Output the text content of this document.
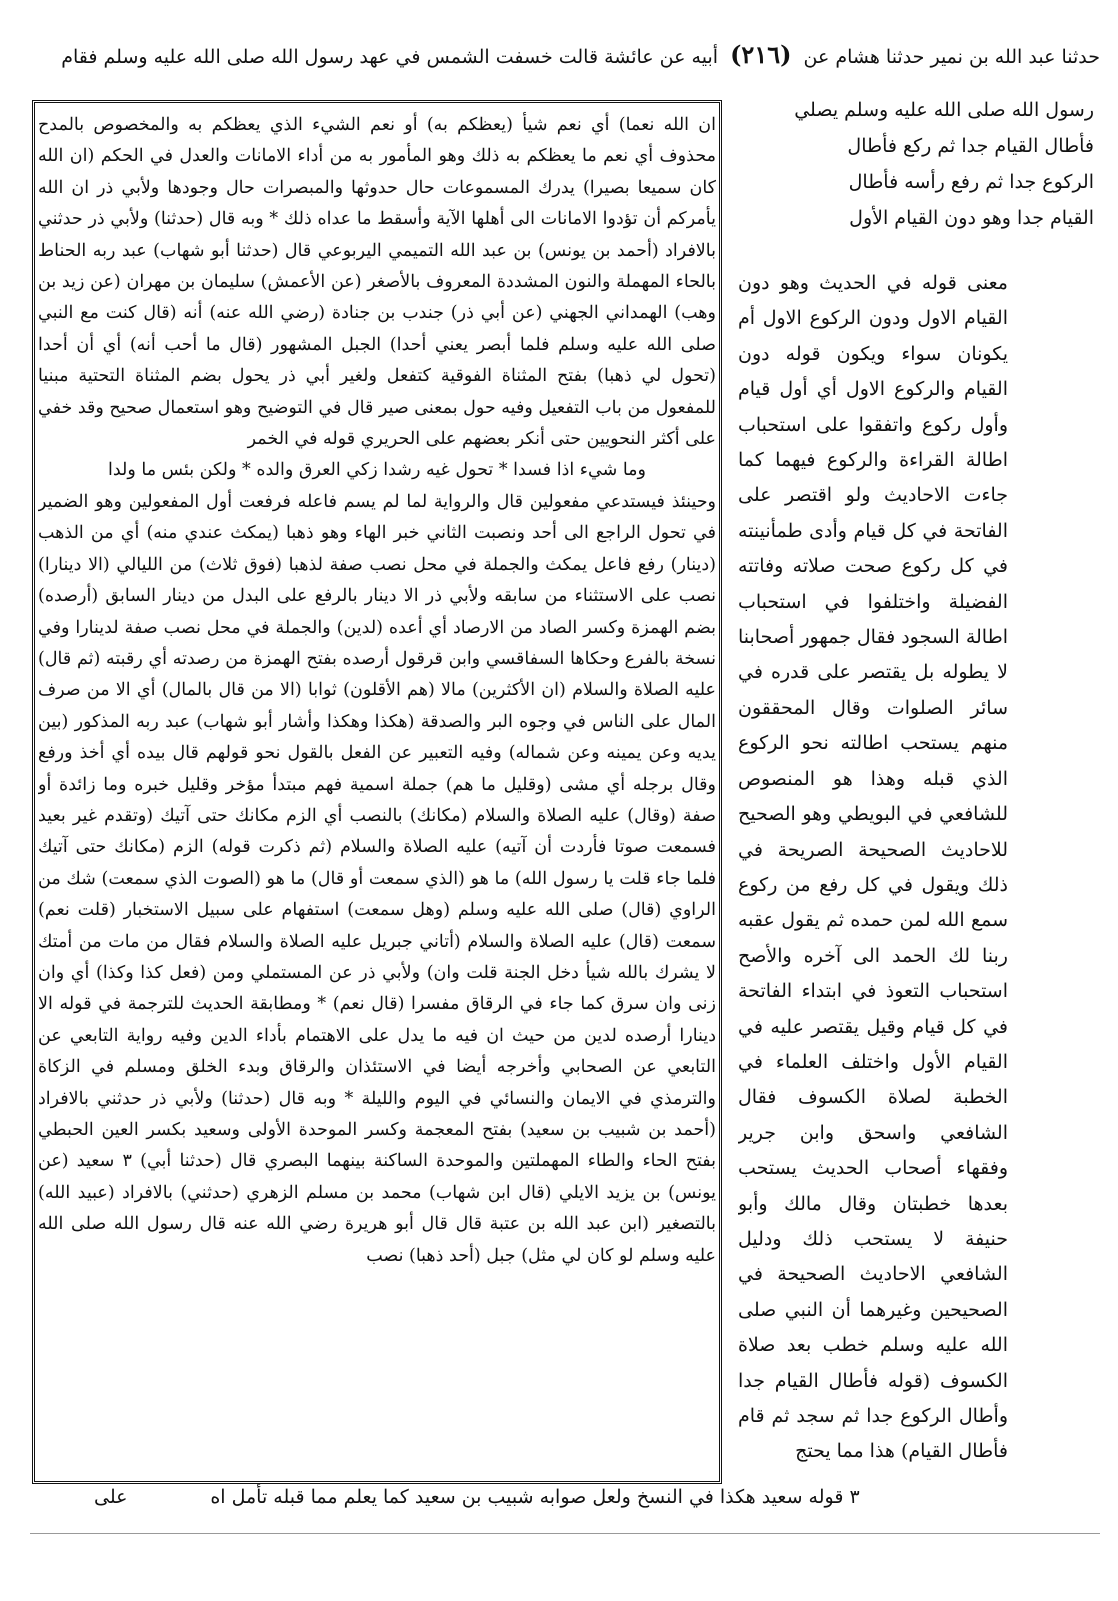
حدثنا عبد الله بن نمير حدثنا هشام عن (٢١٦) أبيه عن عائشة قالت خسفت الشمس في عهد رسول الله صلى الله عليه وسلم فقام
رسول الله صلى الله عليه وسلم يصلي
فأطال القيام جدا ثم ركع فأطال
الركوع جدا ثم رفع رأسه فأطال
القيام جدا وهو دون القيام الأول
معنى قوله في الحديث وهو دون القيام الاول ودون الركوع الاول أم يكونان سواء ويكون قوله دون القيام والركوع الاول أي أول قيام وأول ركوع واتفقوا على استحباب اطالة القراءة والركوع فيهما كما جاءت الاحاديث ولو اقتصر على الفاتحة في كل قيام وأدى طمأنينته في كل ركوع صحت صلاته وفاتته الفضيلة واختلفوا في استحباب اطالة السجود فقال جمهور أصحابنا لا يطوله بل يقتصر على قدره في سائر الصلوات وقال المحققون منهم يستحب اطالته نحو الركوع الذي قبله وهذا هو المنصوص للشافعي في البويطي وهو الصحيح للاحاديث الصحيحة الصريحة في ذلك ويقول في كل رفع من ركوع سمع الله لمن حمده ثم يقول عقبه ربنا لك الحمد الى آخره والأصح استحباب التعوذ في ابتداء الفاتحة في كل قيام وقيل يقتصر عليه في القيام الأول واختلف العلماء في الخطبة لصلاة الكسوف فقال الشافعي واسحق وابن جرير وفقهاء أصحاب الحديث يستحب بعدها خطبتان وقال مالك وأبو حنيفة لا يستحب ذلك ودليل الشافعي الاحاديث الصحيحة في الصحيحين وغيرهما أن النبي صلى الله عليه وسلم خطب بعد صلاة الكسوف (قوله فأطال القيام جدا وأطال الركوع جدا ثم سجد ثم قام فأطال القيام) هذا مما يحتج
ان الله نعما) أي نعم شيأ (يعظكم به) أو نعم الشيء الذي يعظكم به والمخصوص بالمدح محذوف أي نعم ما يعظكم به ذلك وهو المأمور به من أداء الامانات والعدل في الحكم (ان الله كان سميعا بصيرا) يدرك المسموعات حال حدوثها والمبصرات حال وجودها ولأبي ذر ان الله يأمركم أن تؤدوا الامانات الى أهلها الآية وأسقط ما عداه ذلك * وبه قال (حدثنا) ولأبي ذر حدثني بالافراد (أحمد بن يونس) بن عبد الله التميمي اليربوعي قال (حدثنا أبو شهاب) عبد ربه الحناط بالحاء المهملة والنون المشددة المعروف بالأصغر (عن الأعمش) سليمان بن مهران (عن زيد بن وهب) الهمداني الجهني (عن أبي ذر) جندب بن جنادة (رضي الله عنه) أنه (قال كنت مع النبي صلى الله عليه وسلم فلما أبصر يعني أحدا) الجبل المشهور (قال ما أحب أنه) أي أن أحدا (تحول لي ذهبا) بفتح المثناة الفوقية كتفعل ولغير أبي ذر يحول بضم المثناة التحتية مبنيا للمفعول من باب التفعيل وفيه حول بمعنى صير قال في التوضيح وهو استعمال صحيح وقد خفي على أكثر النحويين حتى أنكر بعضهم على الحريري قوله في الخمر
وما شيء اذا فسدا * تحول غيه رشدا زكي العرق والده * ولكن بئس ما ولدا
وحينئذ فيستدعي مفعولين قال والرواية لما لم يسم فاعله فرفعت أول المفعولين وهو الضمير في تحول الراجع الى أحد ونصبت الثاني خبر الهاء وهو ذهبا (يمكث عندي منه) أي من الذهب (دينار) رفع فاعل يمكث والجملة في محل نصب صفة لذهبا (فوق ثلاث) من الليالي (الا دينارا) نصب على الاستثناء من سابقه ولأبي ذر الا دينار بالرفع على البدل من دينار السابق (أرصده) بضم الهمزة وكسر الصاد من الارصاد أي أعده (لدين) والجملة في محل نصب صفة لدينارا وفي نسخة بالفرع وحكاها السفاقسي وابن قرقول أرصده بفتح الهمزة من رصدته أي رقبته (ثم قال) عليه الصلاة والسلام (ان الأكثرين) مالا (هم الأقلون) ثوابا (الا من قال بالمال) أي الا من صرف المال على الناس في وجوه البر والصدقة (هكذا وهكذا وأشار أبو شهاب) عبد ربه المذكور (بين يديه وعن يمينه وعن شماله) وفيه التعبير عن الفعل بالقول نحو قولهم قال بيده أي أخذ ورفع وقال برجله أي مشى (وقليل ما هم) جملة اسمية فهم مبتدأ مؤخر وقليل خبره وما زائدة أو صفة (وقال) عليه الصلاة والسلام (مكانك) بالنصب أي الزم مكانك حتى آتيك (وتقدم غير بعيد فسمعت صوتا فأردت أن آتيه) عليه الصلاة والسلام (ثم ذكرت قوله) الزم (مكانك حتى آتيك فلما جاء قلت يا رسول الله) ما هو (الذي سمعت أو قال) ما هو (الصوت الذي سمعت) شك من الراوي (قال) صلى الله عليه وسلم (وهل سمعت) استفهام على سبيل الاستخبار (قلت نعم) سمعت (قال) عليه الصلاة والسلام (أتاني جبريل عليه الصلاة والسلام فقال من مات من أمتك لا يشرك بالله شيأ دخل الجنة قلت وان) ولأبي ذر عن المستملي ومن (فعل كذا وكذا) أي وان زنى وان سرق كما جاء في الرقاق مفسرا (قال نعم) * ومطابقة الحديث للترجمة في قوله الا دينارا أرصده لدين من حيث ان فيه ما يدل على الاهتمام بأداء الدين وفيه رواية التابعي عن التابعي عن الصحابي وأخرجه أيضا في الاستئذان والرقاق وبدء الخلق ومسلم في الزكاة والترمذي في الايمان والنسائي في اليوم والليلة * وبه قال (حدثنا) ولأبي ذر حدثني بالافراد (أحمد بن شبيب بن سعيد) بفتح المعجمة وكسر الموحدة الأولى وسعيد بكسر العين الحبطي بفتح الحاء والطاء المهملتين والموحدة الساكنة بينهما البصري قال (حدثنا أبي) ٣ سعيد (عن يونس) بن يزيد الايلي (قال ابن شهاب) محمد بن مسلم الزهري (حدثني) بالافراد (عبيد الله) بالتصغير (ابن عبد الله بن عتبة قال قال أبو هريرة رضي الله عنه قال رسول الله صلى الله عليه وسلم لو كان لي مثل) جبل (أحد ذهبا) نصب
٣ قوله سعيد هكذا في النسخ ولعل صوابه شبيب بن سعيد كما يعلم مما قبله تأمل اه
على
